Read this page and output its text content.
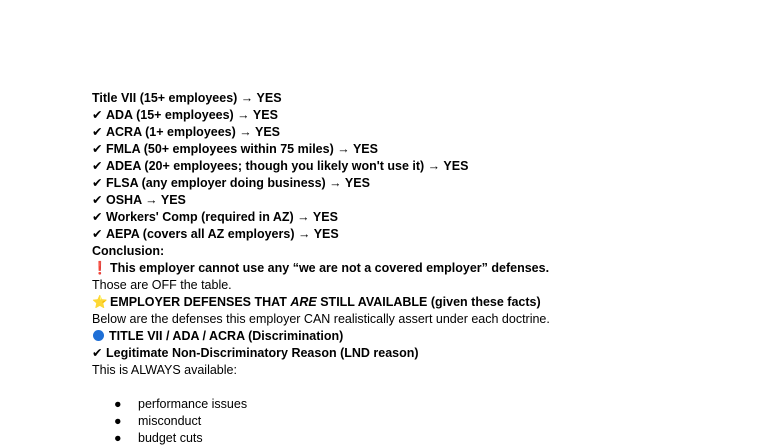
Title VII (15+ employees) → YES
✔ ADA (15+ employees) → YES
✔ ACRA (1+ employees) → YES
✔ FMLA (50+ employees within 75 miles) → YES
✔ ADEA (20+ employees; though you likely won't use it) → YES
✔ FLSA (any employer doing business) → YES
✔ OSHA → YES
✔ Workers' Comp (required in AZ) → YES
✔ AEPA (covers all AZ employers) → YES
Conclusion:
❗ This employer cannot use any “we are not a covered employer” defenses.
Those are OFF the table.
⭐ EMPLOYER DEFENSES THAT ARE STILL AVAILABLE (given these facts)
Below are the defenses this employer CAN realistically assert under each doctrine.
TITLE VII / ADA / ACRA (Discrimination)
✔ Legitimate Non-Discriminatory Reason (LND reason)
This is ALWAYS available:
● performance issues
● misconduct
● budget cuts
